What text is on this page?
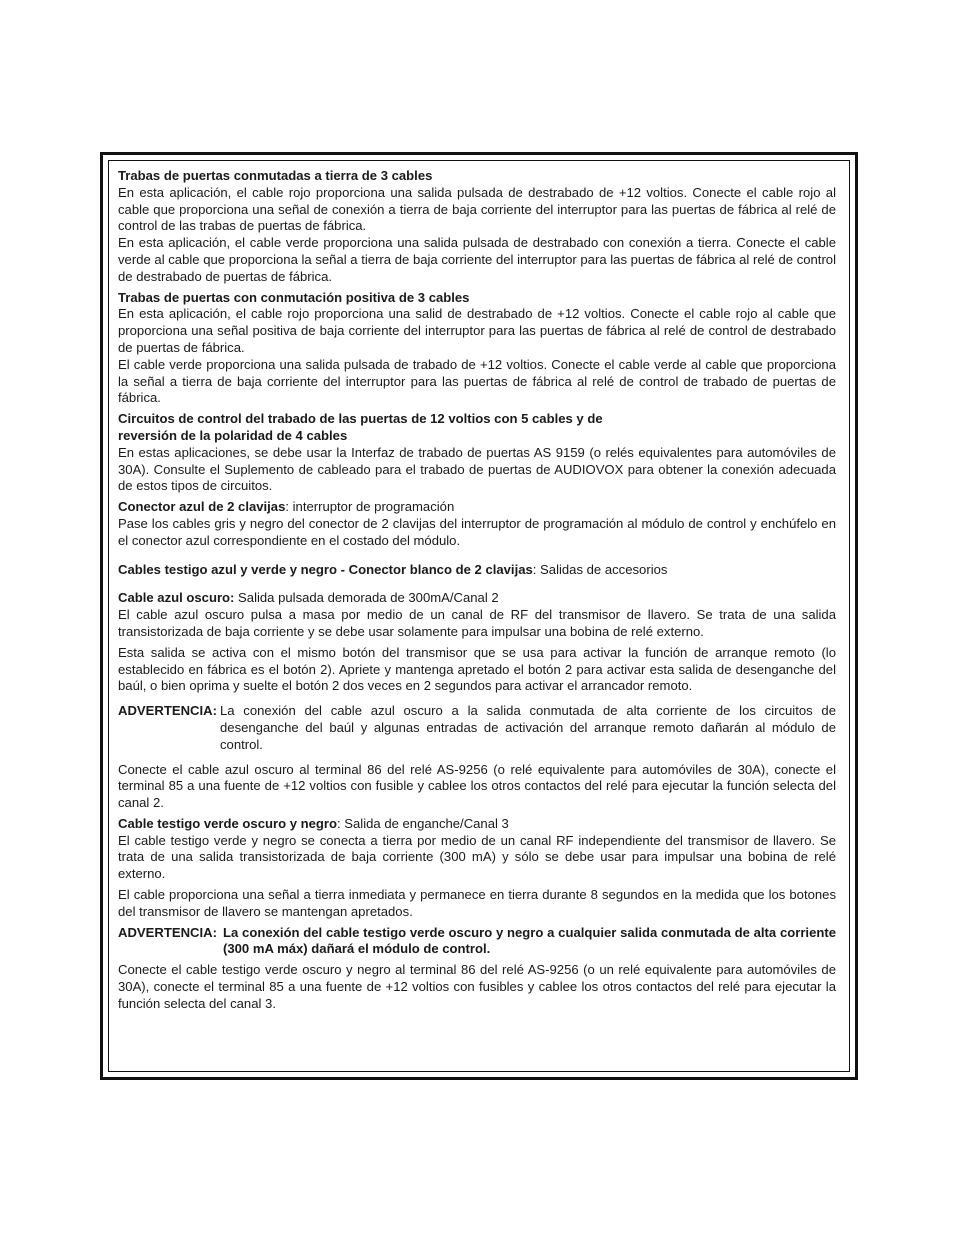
Trabas de puertas conmutadas a tierra de 3 cables

En esta aplicación, el cable rojo proporciona una salida pulsada de destrabado de +12 voltios. Conecte el cable rojo al cable que proporciona una señal de conexión a tierra de baja corriente del interruptor para las puertas de fábrica al relé de control de las trabas de puertas de fábrica.

En esta aplicación, el cable verde proporciona una salida pulsada de destrabado con conexión a tierra. Conecte el cable verde al cable que proporciona la señal a tierra de baja corriente del interruptor para las puertas de fábrica al relé de control de destrabado de puertas de fábrica.

Trabas de puertas con conmutación positiva de 3 cables

En esta aplicación, el cable rojo proporciona una salid de destrabado de +12 voltios. Conecte el cable rojo al cable que proporciona una señal positiva de baja corriente del interruptor para las puertas de fábrica al relé de control de destrabado de puertas de fábrica.

El cable verde proporciona una salida pulsada de trabado de +12 voltios. Conecte el cable verde al cable que proporciona la señal a tierra de baja corriente del interruptor para las puertas de fábrica al relé de control de trabado de puertas de fábrica.

Circuitos de control del trabado de las puertas de 12 voltios con 5 cables y de
reversión de la polaridad de 4 cables

En estas aplicaciones, se debe usar la Interfaz de trabado de puertas AS 9159 (o relés equivalentes para automóviles de 30A). Consulte el Suplemento de cableado para el trabado de puertas de AUDIOVOX para obtener la conexión adecuada de estos tipos de circuitos.

Conector azul de 2 clavijas: interruptor de programación

Pase los cables gris y negro del conector de 2 clavijas del interruptor de programación al módulo de control y enchúfelo en el conector azul correspondiente en el costado del módulo.

Cables testigo azul y verde y negro - Conector blanco de 2 clavijas: Salidas de accesorios

Cable azul oscuro: Salida pulsada demorada de 300mA/Canal 2

El cable azul oscuro pulsa a masa por medio de un canal de RF del transmisor de llavero. Se trata de una salida transistorizada de baja corriente y se debe usar solamente para impulsar una bobina de relé externo.

Esta salida se activa con el mismo botón del transmisor que se usa para activar la función de arranque remoto (lo establecido en fábrica es el botón 2). Apriete y mantenga apretado el botón 2 para activar esta salida de desenganche del baúl, o bien oprima y suelte el botón 2 dos veces en 2 segundos para activar el arrancador remoto.

ADVERTENCIA: La conexión del cable azul oscuro a la salida conmutada de alta corriente de los circuitos de desenganche del baúl y algunas entradas de activación del arranque remoto dañarán al módulo de control.

Conecte el cable azul oscuro al terminal 86 del relé AS-9256 (o relé equivalente para automóviles de 30A), conecte el terminal 85 a una fuente de +12 voltios con fusible y cablee los otros contactos del relé para ejecutar la función selecta del canal 2.

Cable testigo verde oscuro y negro: Salida de enganche/Canal 3

El cable testigo verde y negro se conecta a tierra por medio de un canal RF independiente del transmisor de llavero. Se trata de una salida transistorizada de baja corriente (300 mA) y sólo se debe usar para impulsar una bobina de relé externo.

El cable proporciona una señal a tierra inmediata y permanece en tierra durante 8 segundos en la medida que los botones del transmisor de llavero se mantengan apretados.

ADVERTENCIA: La conexión del cable testigo verde oscuro y negro a cualquier salida conmutada de alta corriente (300 mA máx) dañará el módulo de control.

Conecte el cable testigo verde oscuro y negro al terminal 86 del relé AS-9256 (o un relé equivalente para automóviles de 30A), conecte el terminal 85 a una fuente de +12 voltios con fusibles y cablee los otros contactos del relé para ejecutar la función selecta del canal 3.
